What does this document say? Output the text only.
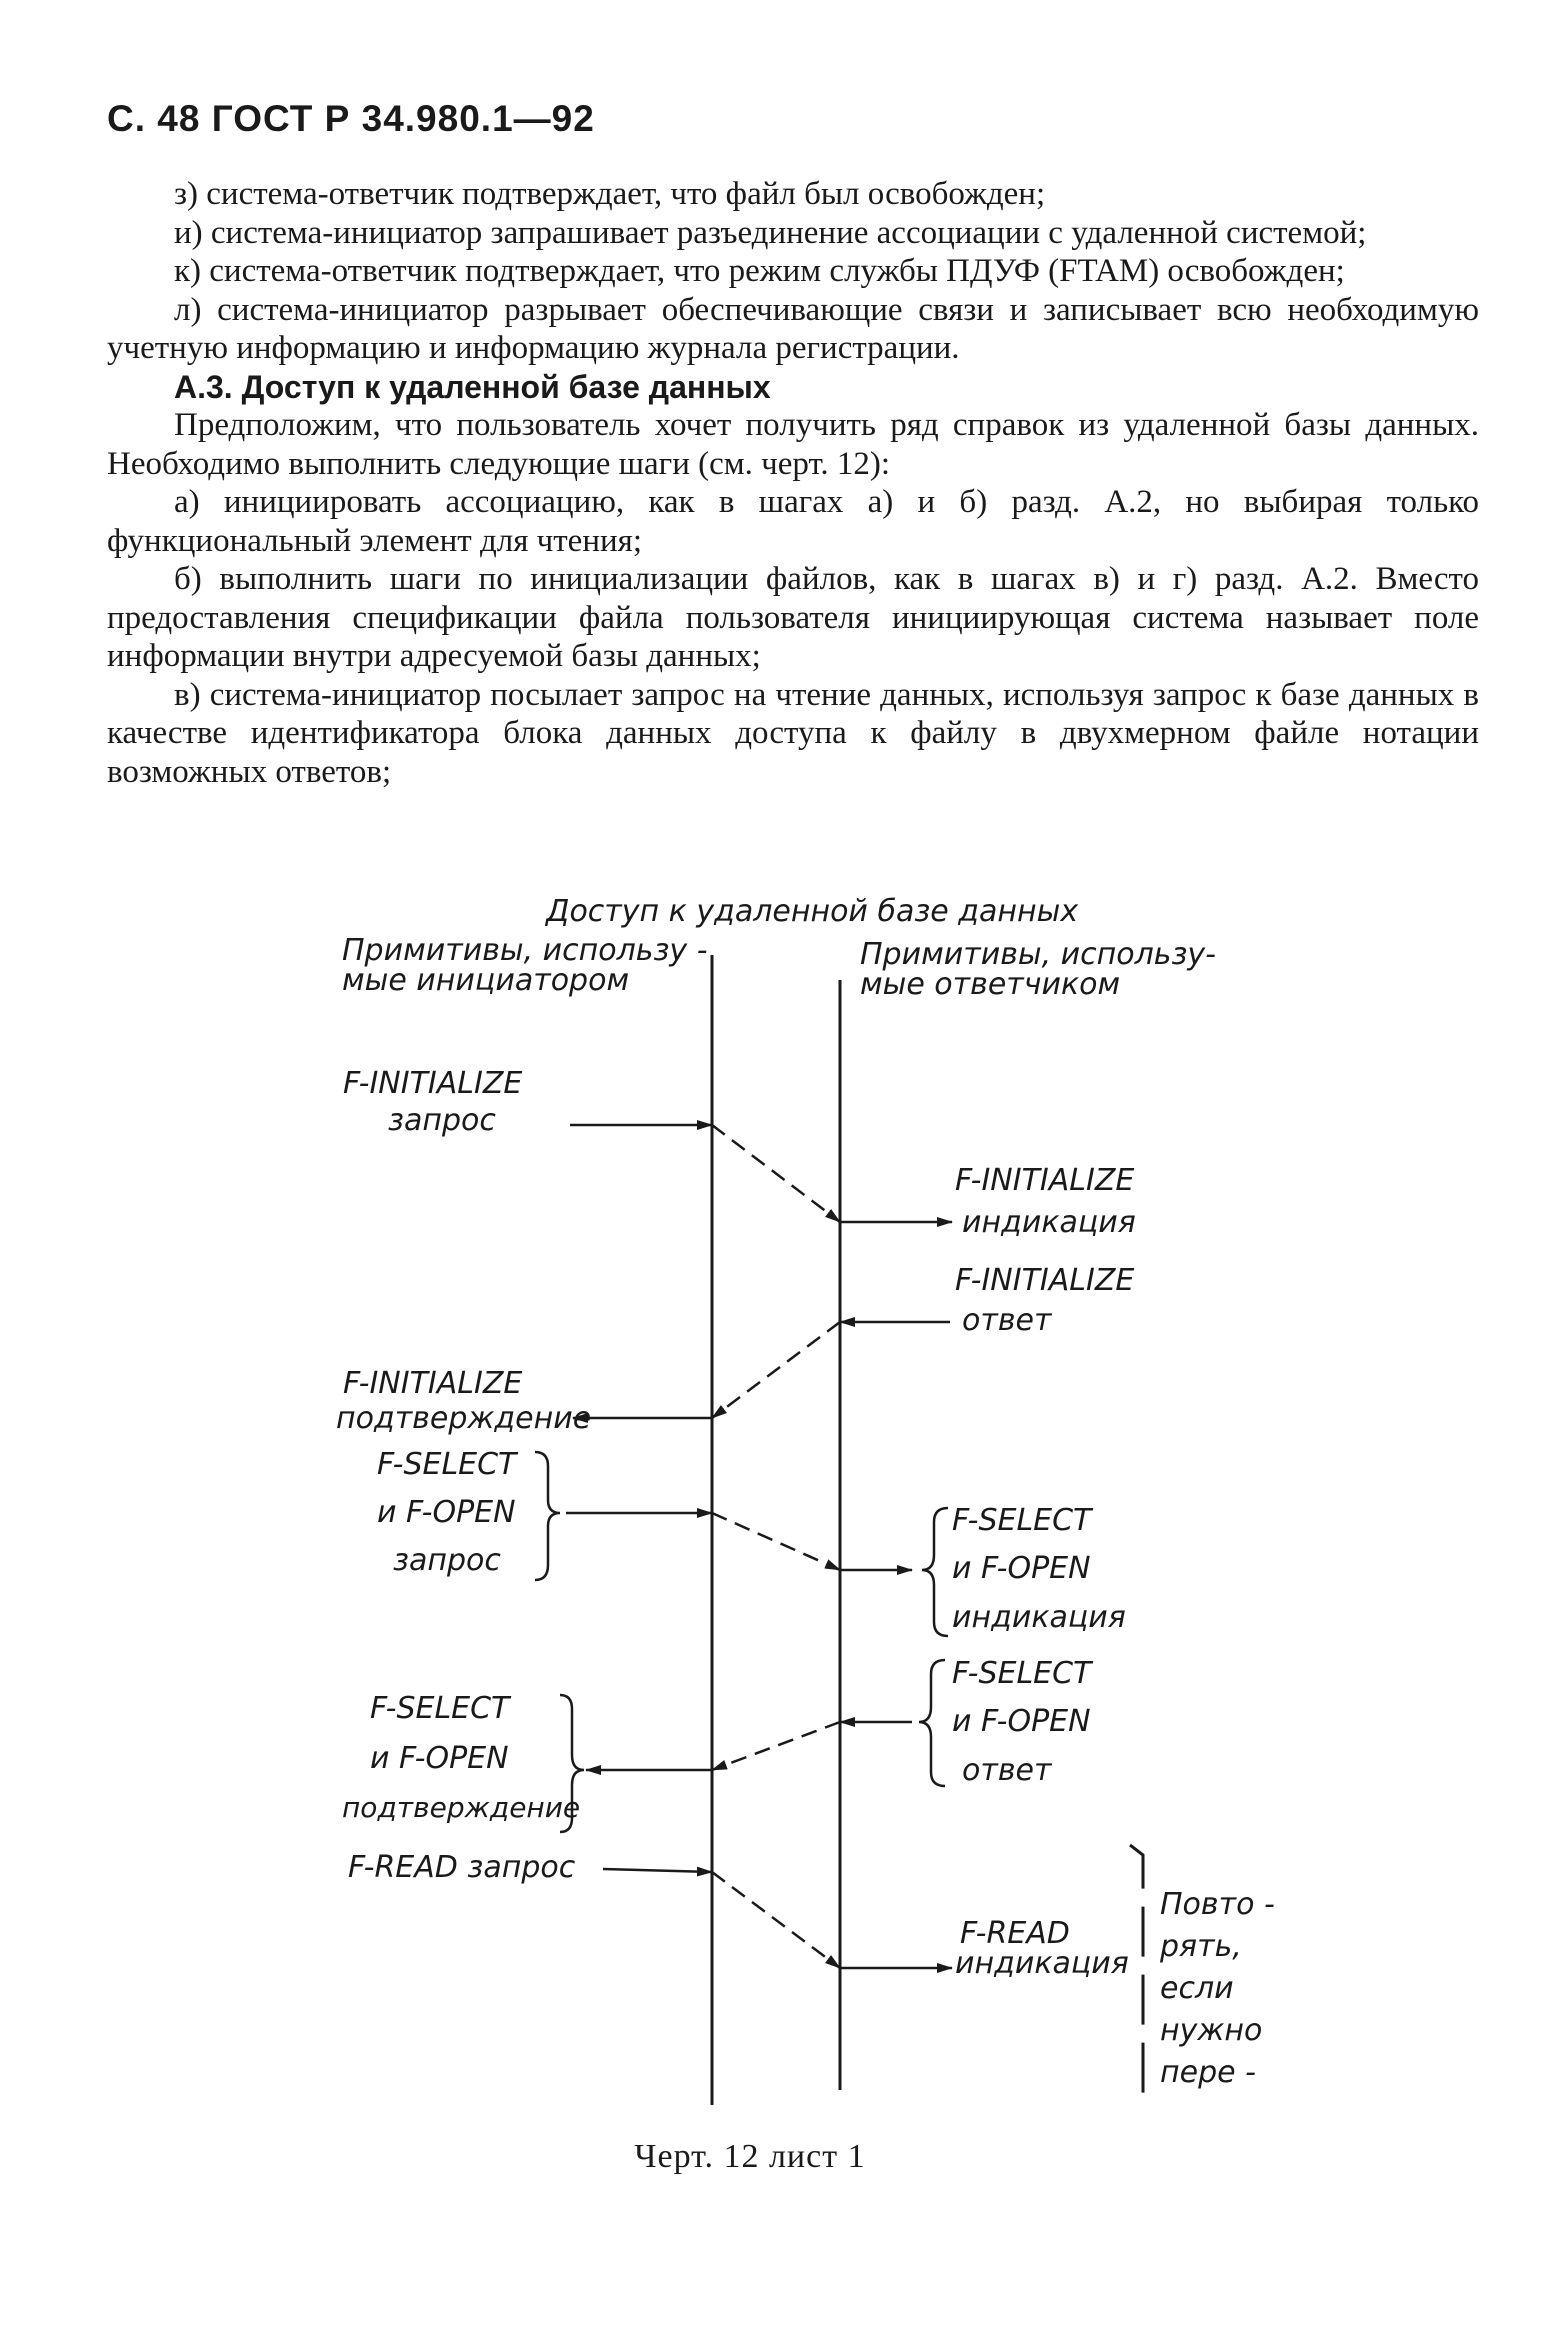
С. 48 ГОСТ Р 34.980.1—92

з) система-ответчик подтверждает, что файл был освобожден;

и) система-инициатор запрашивает разъединение ассоциации с удаленной системой;

к) система-ответчик подтверждает, что режим службы ПДУФ (FTAM) освобожден;

л) система-инициатор разрывает обеспечивающие связи и записывает всю необходимую учетную информацию и информацию журнала регистрации.

А.3. Доступ к удаленной базе данных

Предположим, что пользователь хочет получить ряд справок из удаленной базы данных. Необходимо выполнить следующие шаги (см. черт. 12):

а) инициировать ассоциацию, как в шагах а) и б) разд. А.2, но выбирая только функциональный элемент для чтения;

б) выполнить шаги по инициализации файлов, как в шагах в) и г) разд. А.2. Вместо предоставления спецификации файла пользователя инициирующая система называет поле информации внутри адресуемой базы данных;

в) система-инициатор посылает запрос на чтение данных, используя запрос к базе данных в качестве идентификатора блока данных доступа к файлу в двухмерном файле нотации возможных ответов;

Доступ к удаленной базе данных
Примитивы, использу -
мые инициатором
Примитивы, использу-
мые ответчиком
F-INITIALIZE
запрос
F-INITIALIZE
индикация
F-INITIALIZE
ответ
F-INITIALIZE
подтверждение
F-SELECT
и F-OPEN
запрос
F-SELECT
и F-OPEN
индикация
F-SELECT
и F-OPEN
ответ
F-SELECT
и F-OPEN
подтверждение
F-READ запрос
F-READ
индикация
Повто -
рять,
если
нужно
пере -
Черт. 12 лист 1
